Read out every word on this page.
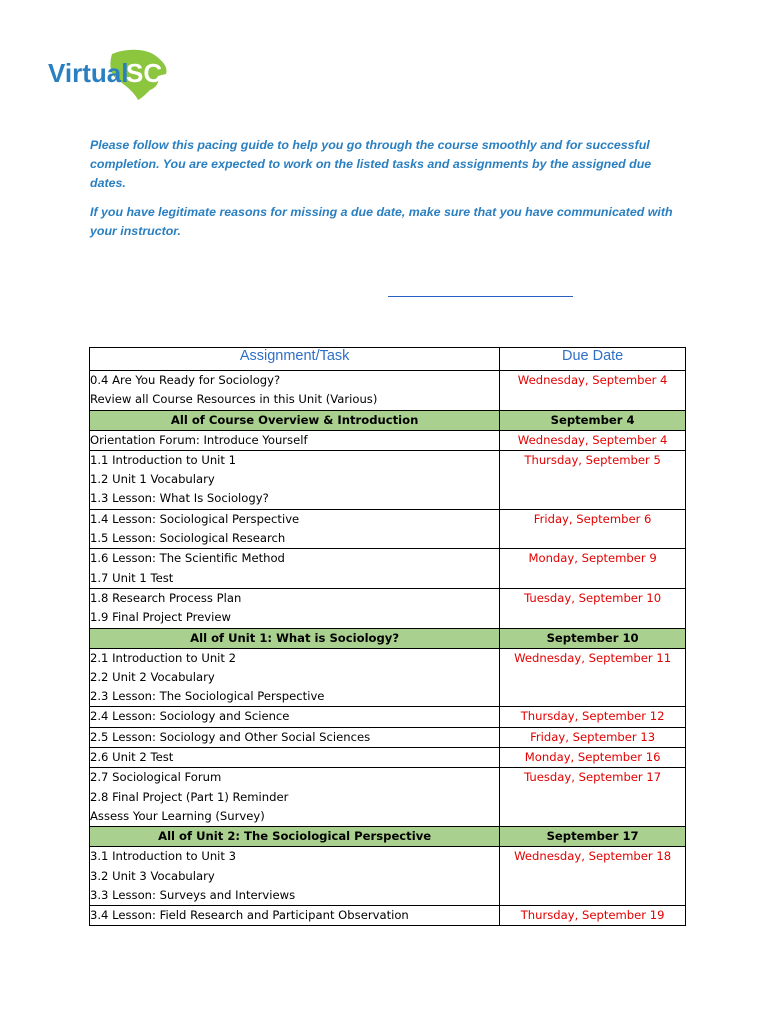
Virtual
SC

Please follow this pacing guide to help you go through the course smoothly and for successful completion. You are expected to work on the listed tasks and assignments by the assigned due dates.

If you have legitimate reasons for missing a due date, make sure that you have communicated with your instructor.

Assignment/Task	Due Date

0.4 Are You Ready for Sociology?
Review all Course Resources in this Unit (Various)	Wednesday, September 4
All of Course Overview & Introduction	September 4

Orientation Forum: Introduce Yourself	Wednesday, September 4

1.1 Introduction to Unit 1
1.2 Unit 1 Vocabulary
1.3 Lesson: What Is Sociology?	Thursday, September 5

1.4 Lesson: Sociological Perspective
1.5 Lesson: Sociological Research	Friday, September 6

1.6 Lesson: The Scientific Method
1.7 Unit 1 Test	Monday, September 9

1.8 Research Process Plan
1.9 Final Project Preview	Tuesday, September 10
All of Unit 1: What is Sociology?	September 10

2.1 Introduction to Unit 2
2.2 Unit 2 Vocabulary
2.3 Lesson: The Sociological Perspective	Wednesday, September 11

2.4 Lesson: Sociology and Science	Thursday, September 12

2.5 Lesson: Sociology and Other Social Sciences	Friday, September 13

2.6 Unit 2 Test	Monday, September 16

2.7 Sociological Forum
2.8 Final Project (Part 1) Reminder
Assess Your Learning (Survey)	Tuesday, September 17
All of Unit 2: The Sociological Perspective	September 17

3.1 Introduction to Unit 3
3.2 Unit 3 Vocabulary
3.3 Lesson: Surveys and Interviews	Wednesday, September 18

3.4 Lesson: Field Research and Participant Observation	Thursday, September 19
